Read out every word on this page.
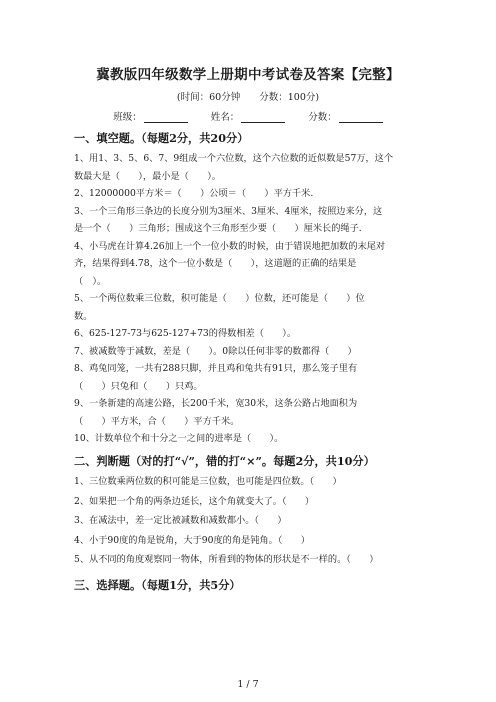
冀教版四年级数学上册期中考试卷及答案【完整】
(时间：60分钟 分数：100分)
班级：	姓名：	分数：
一、填空题。（每题2分，共20分）
1、用1、3、5、6、7、9组成一个六位数，这个六位数的近似数是57万，这个
数最大是（　　），最小是（　　）。
2、12000000平方米＝（　　）公顷＝（　　）平方千米.
3、一个三角形三条边的长度分别为3厘米、3厘米、4厘米，按照边来分，这
是一个（　　）三角形；围成这个三角形至少要（　　）厘米长的绳子.
4、小马虎在计算4.26加上一个一位小数的时候，由于错误地把加数的末尾对
齐，结果得到4.78，这个一位小数是（　　），这道题的正确的结果是
（　）。
5、一个两位数乘三位数，积可能是（　　）位数，还可能是（　　）位
数。
6、625-127-73与625-127+73的得数相差（　　）。
7、被减数等于减数，差是（　　）。0除以任何非零的数都得（　　）
8、鸡兔同笼，一共有288只脚，并且鸡和兔共有91只，那么笼子里有
（　　）只兔和（　　）只鸡。
9、一条新建的高速公路，长200千米，宽30米，这条公路占地面积为
（　　）平方米，合（　　）平方千米。
10、计数单位个和十分之一之间的进率是（　　）。
二、判断题（对的打“√”，错的打“×”。每题2分，共10分）
1、三位数乘两位数的积可能是三位数，也可能是四位数。（　　）
2、如果把一个角的两条边延长，这个角就变大了。（　　）
3、在减法中，差一定比被减数和减数都小。（　　）
4、小于90度的角是锐角，大于90度的角是钝角。（　　）
5、从不同的角度观察同一物体，所看到的物体的形状是不一样的。（　　）
三、选择题。（每题1分，共5分）
1 / 7
